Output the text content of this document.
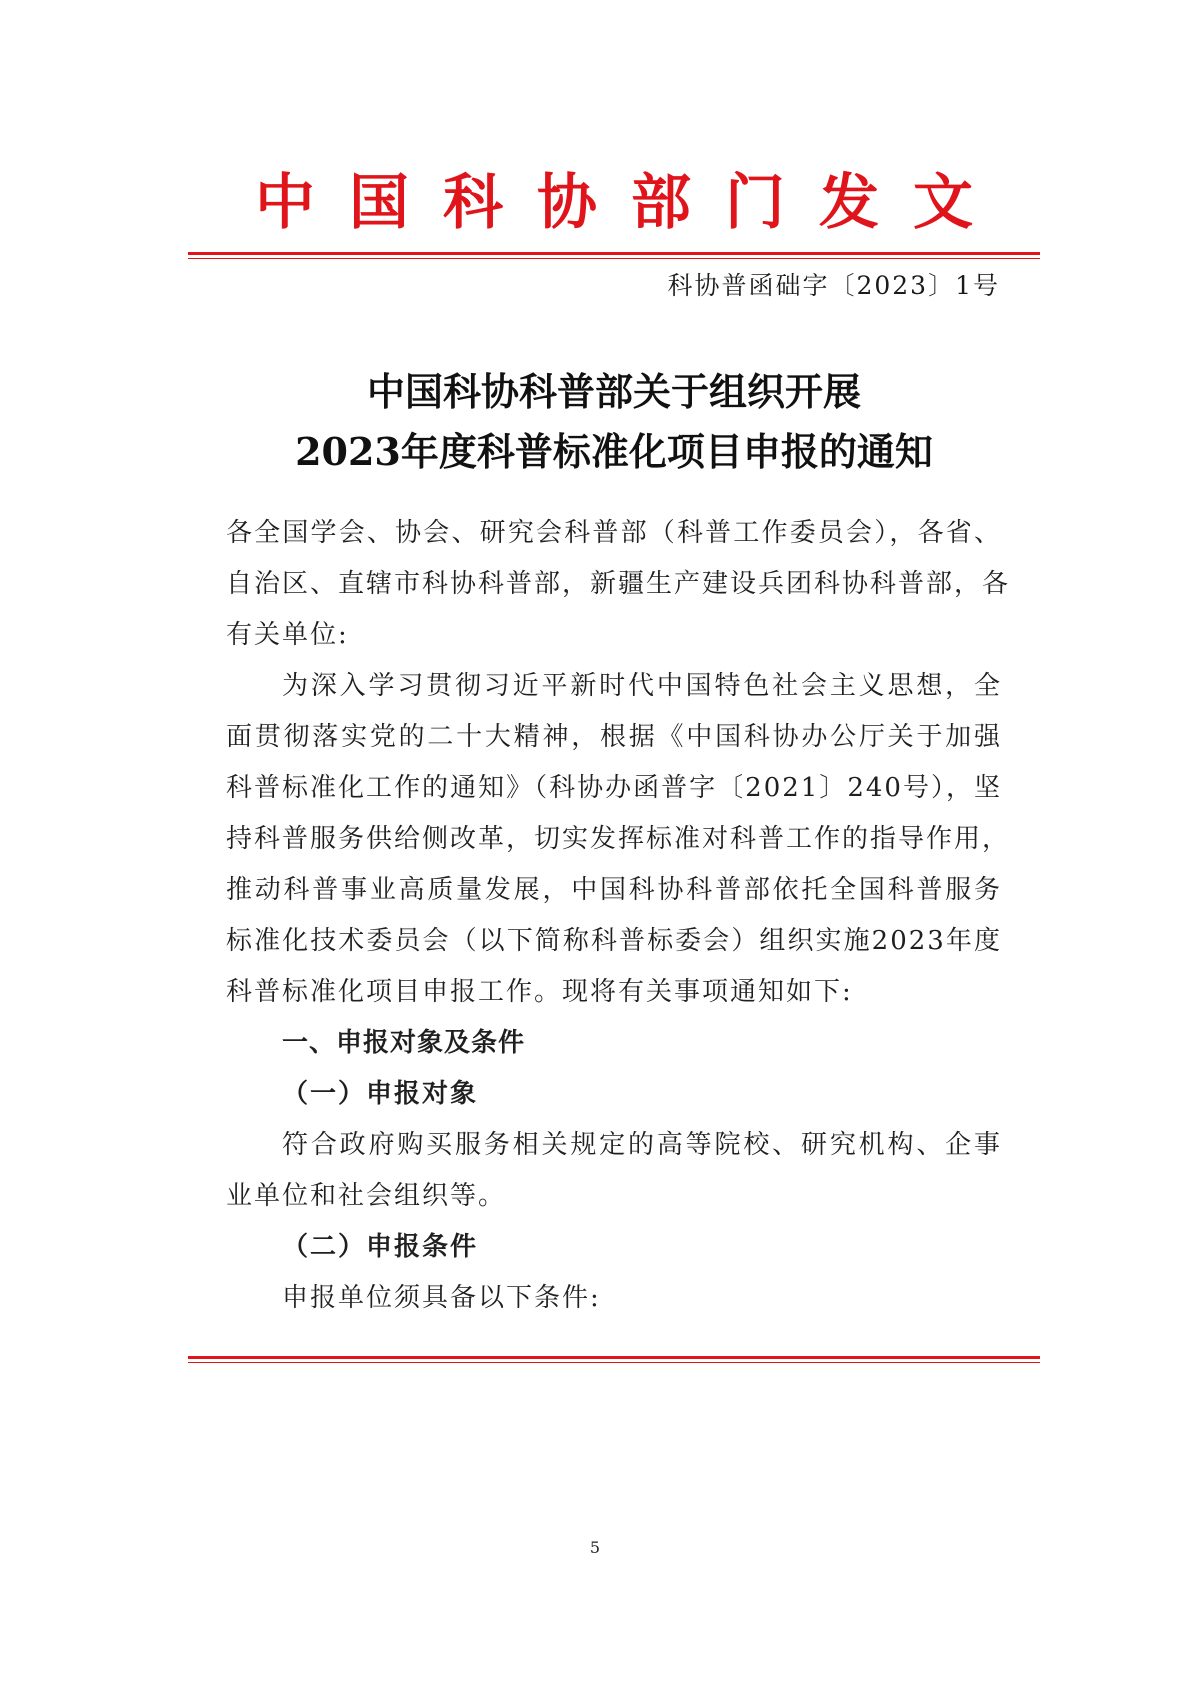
中国科协部门发文
科协普函础字〔2023〕1号
中国科协科普部关于组织开展
2023年度科普标准化项目申报的通知
各全国学会、协会、研究会科普部（科普工作委员会），各省、
自治区、直辖市科协科普部，新疆生产建设兵团科协科普部，各
有关单位:
为深入学习贯彻习近平新时代中国特色社会主义思想，全
面贯彻落实党的二十大精神，根据《中国科协办公厅关于加强
科普标准化工作的通知》（科协办函普字〔2021〕240号），坚
持科普服务供给侧改革，切实发挥标准对科普工作的指导作用，
推动科普事业高质量发展，中国科协科普部依托全国科普服务
标准化技术委员会（以下简称科普标委会）组织实施2023年度
科普标准化项目申报工作。现将有关事项通知如下:
一、申报对象及条件
（一）申报对象
符合政府购买服务相关规定的高等院校、研究机构、企事
业单位和社会组织等。
（二）申报条件
申报单位须具备以下条件:
5
